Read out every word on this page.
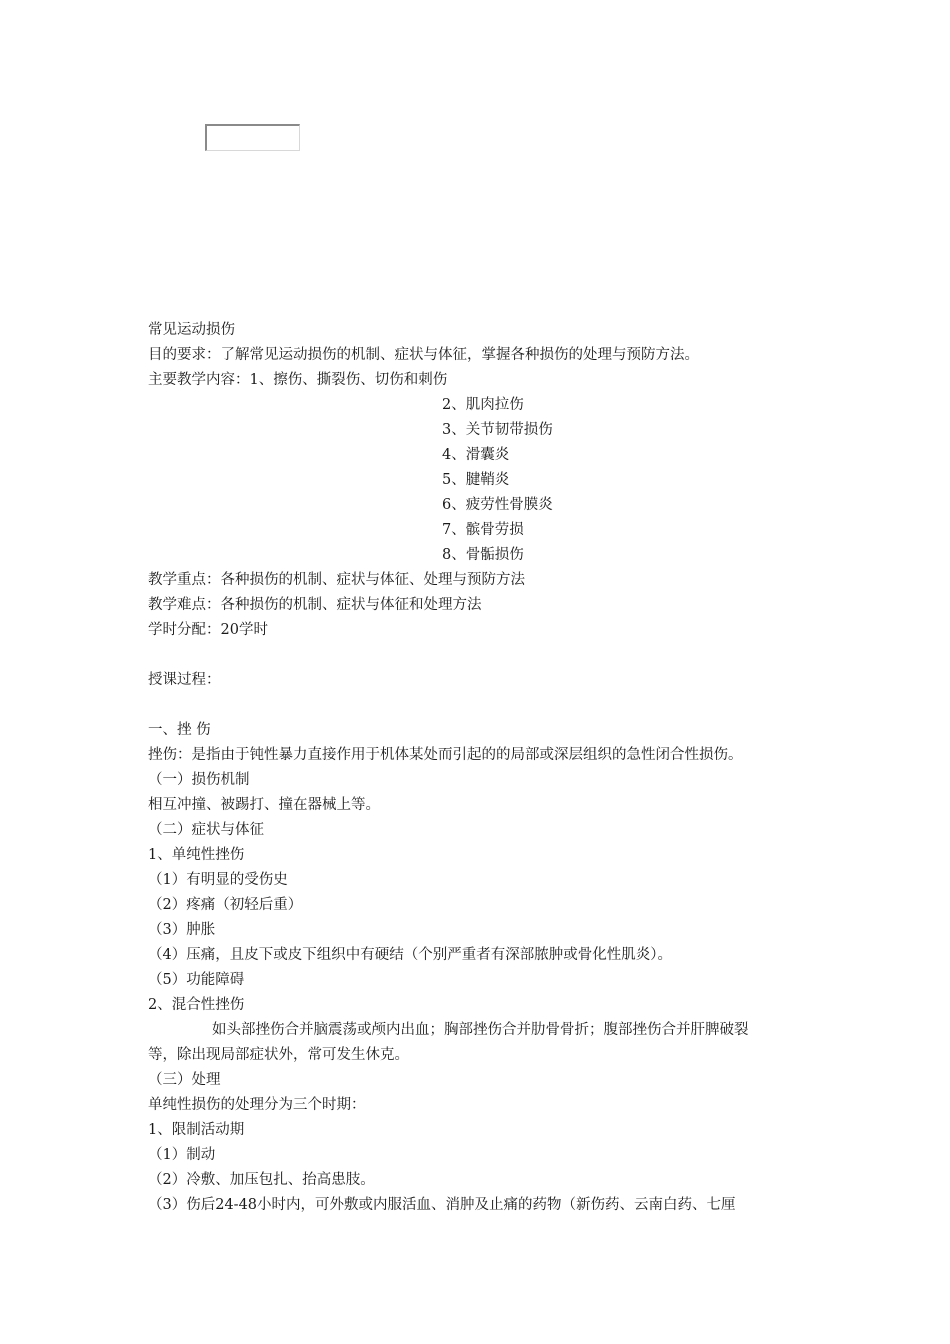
常见运动损伤
目的要求：了解常见运动损伤的机制、症状与体征，掌握各种损伤的处理与预防方法。
主要教学内容：1、擦伤、撕裂伤、切伤和刺伤
2、肌肉拉伤
3、关节韧带损伤
4、滑囊炎
5、腱鞘炎
6、疲劳性骨膜炎
7、髌骨劳损
8、骨骺损伤
教学重点：各种损伤的机制、症状与体征、处理与预防方法
教学难点：各种损伤的机制、症状与体征和处理方法
学时分配：20学时
授课过程：
一、挫 伤
挫伤：是指由于钝性暴力直接作用于机体某处而引起的的局部或深层组织的急性闭合性损伤。
（一）损伤机制
相互冲撞、被踢打、撞在器械上等。
（二）症状与体征
1、单纯性挫伤
（1）有明显的受伤史
（2）疼痛（初轻后重）
（3）肿胀
（4）压痛，且皮下或皮下组织中有硬结（个别严重者有深部脓肿或骨化性肌炎）。
（5）功能障碍
2、混合性挫伤
如头部挫伤合并脑震荡或颅内出血；胸部挫伤合并肋骨骨折；腹部挫伤合并肝脾破裂
等，除出现局部症状外，常可发生休克。
（三）处理
单纯性损伤的处理分为三个时期：
1、限制活动期
（1）制动
（2）冷敷、加压包扎、抬高患肢。
（3）伤后24-48小时内，可外敷或内服活血、消肿及止痛的药物（新伤药、云南白药、七厘
